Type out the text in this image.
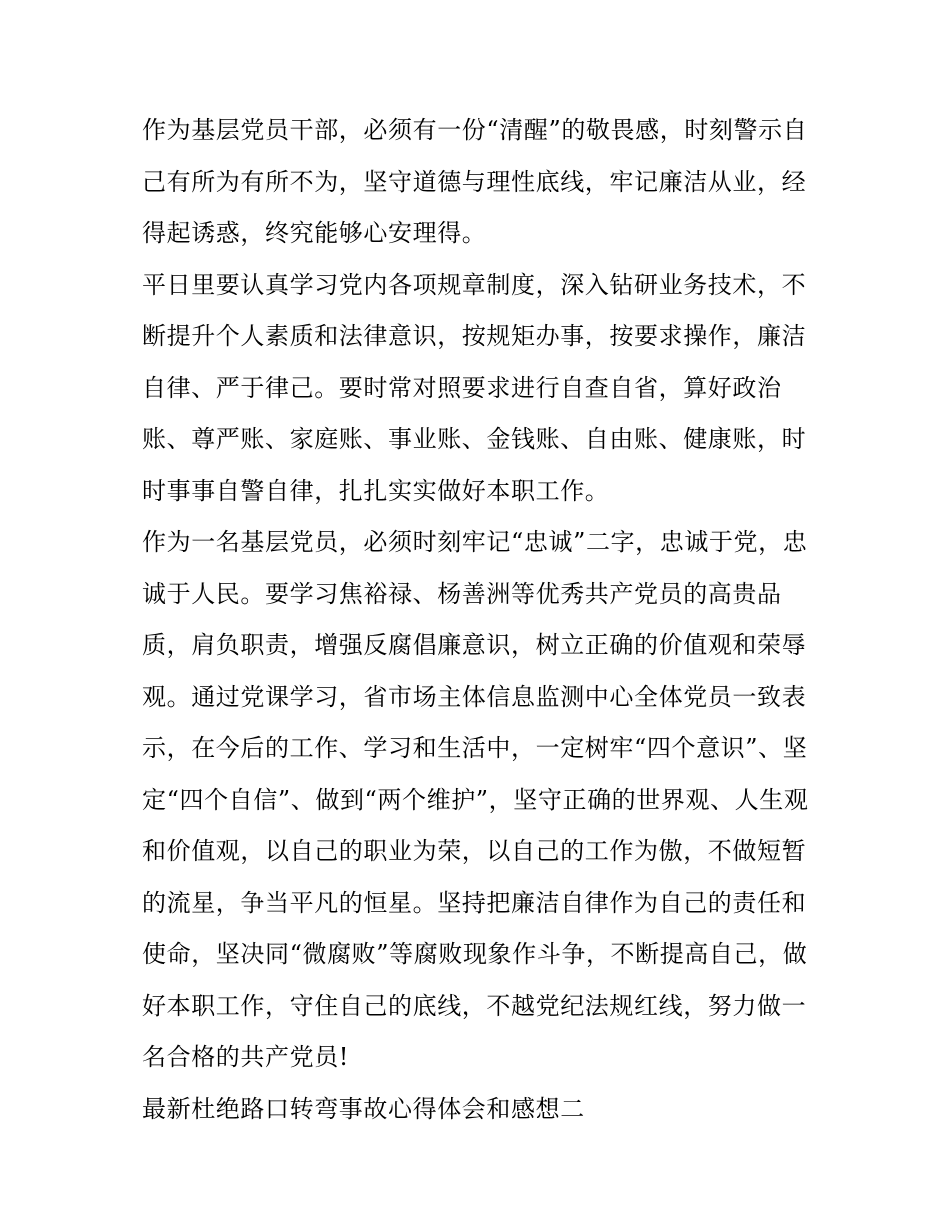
作为基层党员干部，必须有一份“清醒”的敬畏感，时刻警示自
己有所为有所不为，坚守道德与理性底线，牢记廉洁从业，经
得起诱惑，终究能够心安理得。
平日里要认真学习党内各项规章制度，深入钻研业务技术，不
断提升个人素质和法律意识，按规矩办事，按要求操作，廉洁
自律、严于律己。要时常对照要求进行自查自省，算好政治
账、尊严账、家庭账、事业账、金钱账、自由账、健康账，时
时事事自警自律，扎扎实实做好本职工作。
作为一名基层党员，必须时刻牢记“忠诚”二字，忠诚于党，忠
诚于人民。要学习焦裕禄、杨善洲等优秀共产党员的高贵品
质，肩负职责，增强反腐倡廉意识，树立正确的价值观和荣辱
观。通过党课学习，省市场主体信息监测中心全体党员一致表
示，在今后的工作、学习和生活中，一定树牢“四个意识”、坚
定“四个自信”、做到“两个维护”，坚守正确的世界观、人生观
和价值观，以自己的职业为荣，以自己的工作为傲，不做短暂
的流星，争当平凡的恒星。坚持把廉洁自律作为自己的责任和
使命，坚决同“微腐败”等腐败现象作斗争，不断提高自己，做
好本职工作，守住自己的底线，不越党纪法规红线，努力做一
名合格的共产党员!
最新杜绝路口转弯事故心得体会和感想二
